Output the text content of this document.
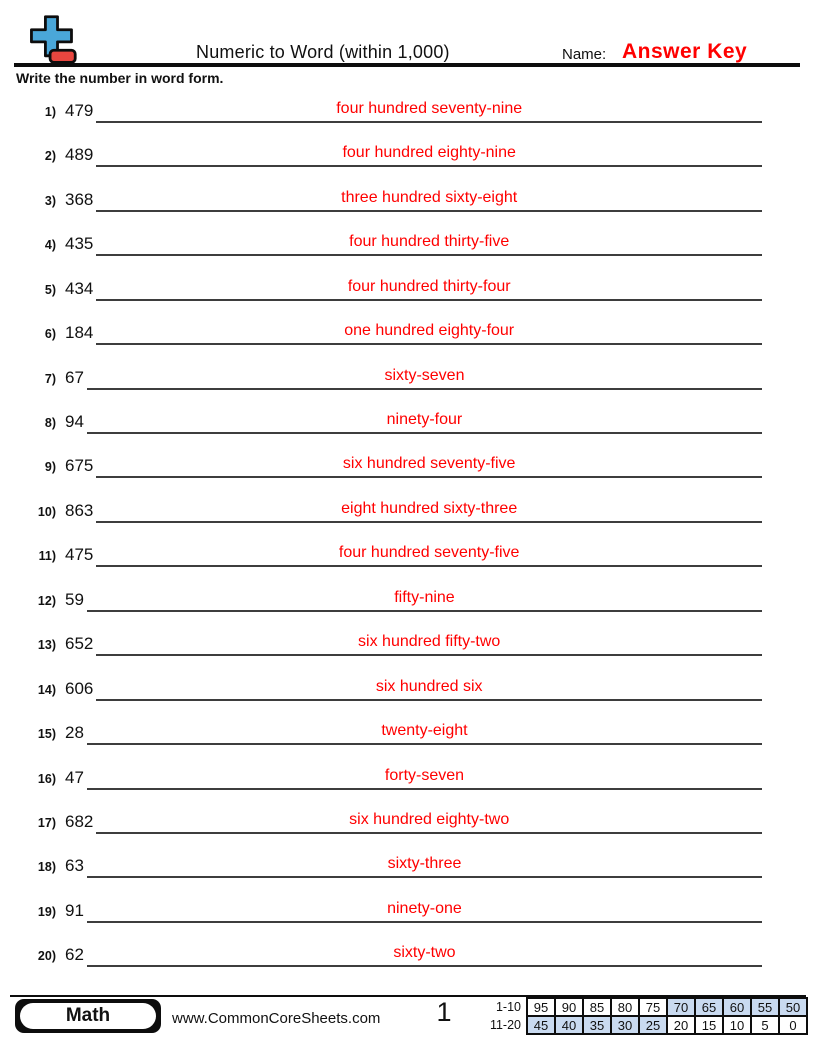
Numeric to Word (within 1,000)	Name: Answer Key
Write the number in word form.
1) 479	four hundred seventy-nine
2) 489	four hundred eighty-nine
3) 368	three hundred sixty-eight
4) 435	four hundred thirty-five
5) 434	four hundred thirty-four
6) 184	one hundred eighty-four
7) 67	sixty-seven
8) 94	ninety-four
9) 675	six hundred seventy-five
10) 863	eight hundred sixty-three
11) 475	four hundred seventy-five
12) 59	fifty-nine
13) 652	six hundred fifty-two
14) 606	six hundred six
15) 28	twenty-eight
16) 47	forty-seven
17) 682	six hundred eighty-two
18) 63	sixty-three
19) 91	ninety-one
20) 62	sixty-two
Math	www.CommonCoreSheets.com	1	1-10	95	90	85	80	75	70	65	60	55	50
11-20	45	40	35	30	25	20	15	10	5	0
